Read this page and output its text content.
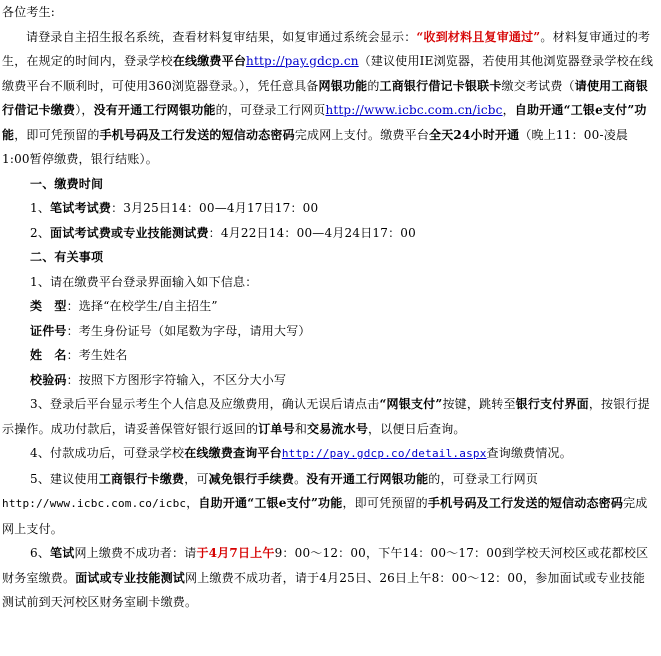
各位考生:

请登录自主招生报名系统，查看材料复审结果，如复审通过系统会显示：“收到材料且复审通过”。材料复审通过的考生，在规定的时间内，登录学校在线缴费平台http://pay.gdcp.cn（建议使用IE浏览器，若使用其他浏览器登录学校在线缴费平台不顺利时，可使用360浏览器登录。），凭任意具备网银功能的工商银行借记卡银联卡缴交考试费（请使用工商银行借记卡缴费），没有开通工行网银功能的，可登录工行网页http://www.icbc.com.cn/icbc，自助开通“工银e支付”功能，即可凭预留的手机号码及工行发送的短信动态密码完成网上支付。缴费平台全天24小时开通（晚上11：00-凌晨1:00暂停缴费，银行结账）。

一、缴费时间

1、笔试考试费：3月25日14：00—4月17日17：00

2、面试考试费或专业技能测试费：4月22日14：00—4月24日17：00

二、有关事项

1、请在缴费平台登录界面输入如下信息：

类　型：选择“在校学生/自主招生”

证件号：考生身份证号（如尾数为字母，请用大写）

姓　名：考生姓名

校验码：按照下方图形字符输入，不区分大小写

3、登录后平台显示考生个人信息及应缴费用，确认无误后请点击“网银支付”按键，跳转至银行支付界面，按银行提示操作。成功付款后，请妥善保管好银行返回的订单号和交易流水号，以便日后查询。

4、付款成功后，可登录学校在线缴费查询平台http://pay.gdcp.co/detail.aspx查询缴费情况。

5、建议使用工商银行卡缴费，可减免银行手续费。没有开通工行网银功能的，可登录工行网页http://www.icbc.com.co/icbc，自助开通“工银e支付”功能，即可凭预留的手机号码及工行发送的短信动态密码完成网上支付。

6、笔试网上缴费不成功者：请于4月7日上午9：00～12：00，下午14：00～17：00到学校天河校区或花都校区财务室缴费。面试或专业技能测试网上缴费不成功者，请于4月25日、26日上午8：00～12：00，参加面试或专业技能测试前到天河校区财务室刷卡缴费。
